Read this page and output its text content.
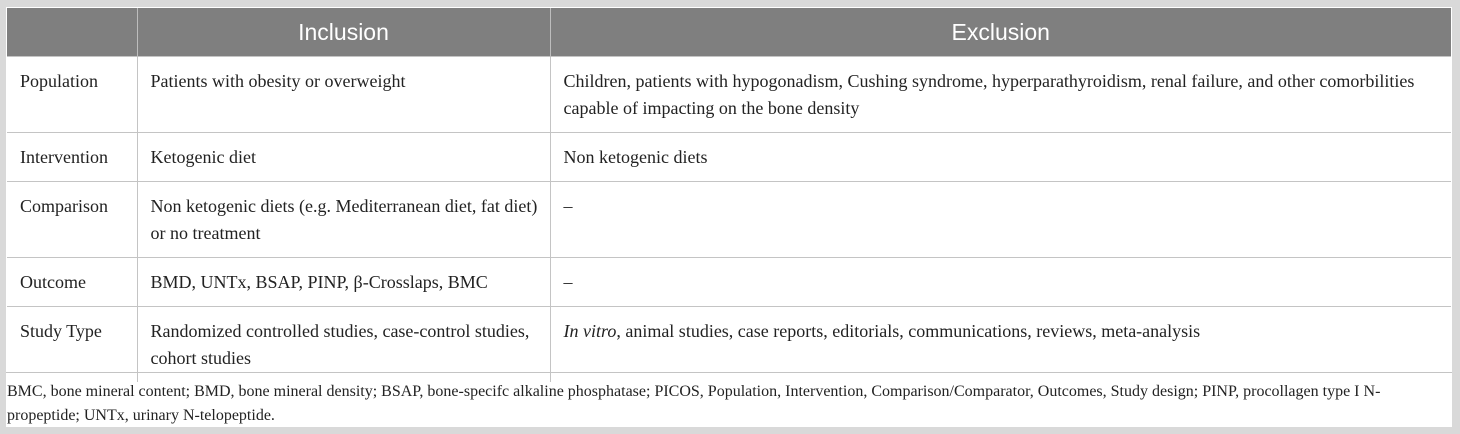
	Inclusion	Exclusion
Population	Patients with obesity or overweight	Children, patients with hypogonadism, Cushing syndrome, hyperparathyroidism, renal failure, and other comorbilities capable of impacting on the bone density
Intervention	Ketogenic diet	Non ketogenic diets
Comparison	Non ketogenic diets (e.g. Mediterranean diet, fat diet) or no treatment	–
Outcome	BMD, UNTx, BSAP, PINP, β-Crosslaps, BMC	–
Study Type	Randomized controlled studies, case-control studies, cohort studies	In vitro, animal studies, case reports, editorials, communications, reviews, meta-analysis
BMC, bone mineral content; BMD, bone mineral density; BSAP, bone-specifc alkaline phosphatase; PICOS, Population, Intervention, Comparison/Comparator, Outcomes, Study design; PINP, procollagen type I N-propeptide; UNTx, urinary N-telopeptide.
